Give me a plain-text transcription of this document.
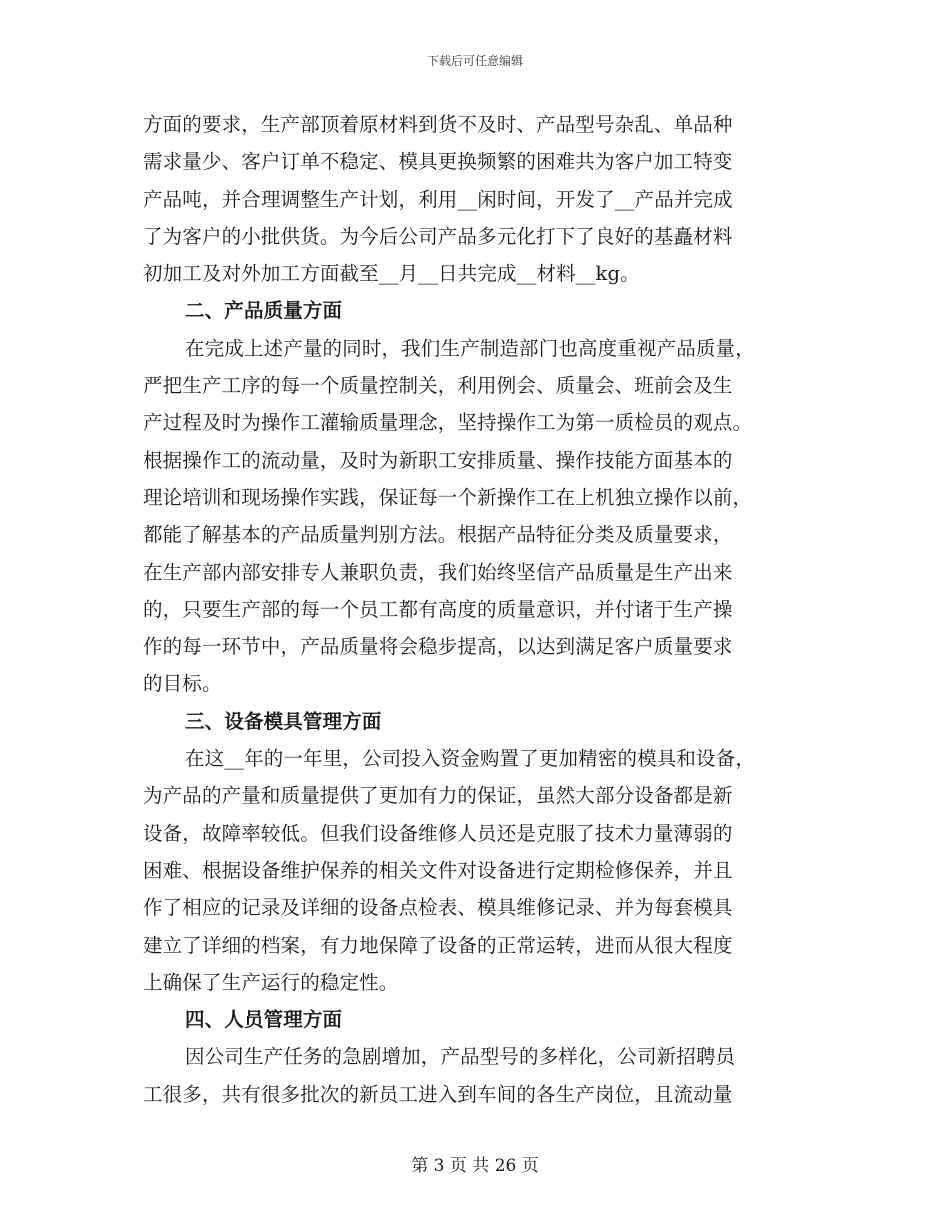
下载后可任意编辑
方面的要求，生产部顶着原材料到货不及时、产品型号杂乱、单品种
需求量少、客户订单不稳定、模具更换频繁的困难共为客户加工特变
产品吨，并合理调整生产计划，利用__闲时间，开发了__产品并完成
了为客户的小批供货。为今后公司产品多元化打下了良好的基矗材料
初加工及对外加工方面截至__月__日共完成__材料__kg。
二、产品质量方面
在完成上述产量的同时，我们生产制造部门也高度重视产品质量，
严把生产工序的每一个质量控制关，利用例会、质量会、班前会及生
产过程及时为操作工灌输质量理念，坚持操作工为第一质检员的观点。
根据操作工的流动量，及时为新职工安排质量、操作技能方面基本的
理论培训和现场操作实践，保证每一个新操作工在上机独立操作以前，
都能了解基本的产品质量判别方法。根据产品特征分类及质量要求，
在生产部内部安排专人兼职负责，我们始终坚信产品质量是生产出来
的，只要生产部的每一个员工都有高度的质量意识，并付诸于生产操
作的每一环节中，产品质量将会稳步提高，以达到满足客户质量要求
的目标。
三、设备模具管理方面
在这__年的一年里，公司投入资金购置了更加精密的模具和设备，
为产品的产量和质量提供了更加有力的保证，虽然大部分设备都是新
设备，故障率较低。但我们设备维修人员还是克服了技术力量薄弱的
困难、根据设备维护保养的相关文件对设备进行定期检修保养，并且
作了相应的记录及详细的设备点检表、模具维修记录、并为每套模具
建立了详细的档案，有力地保障了设备的正常运转，进而从很大程度
上确保了生产运行的稳定性。
四、人员管理方面
因公司生产任务的急剧增加，产品型号的多样化，公司新招聘员
工很多，共有很多批次的新员工进入到车间的各生产岗位，且流动量
第 3 页 共 26 页
